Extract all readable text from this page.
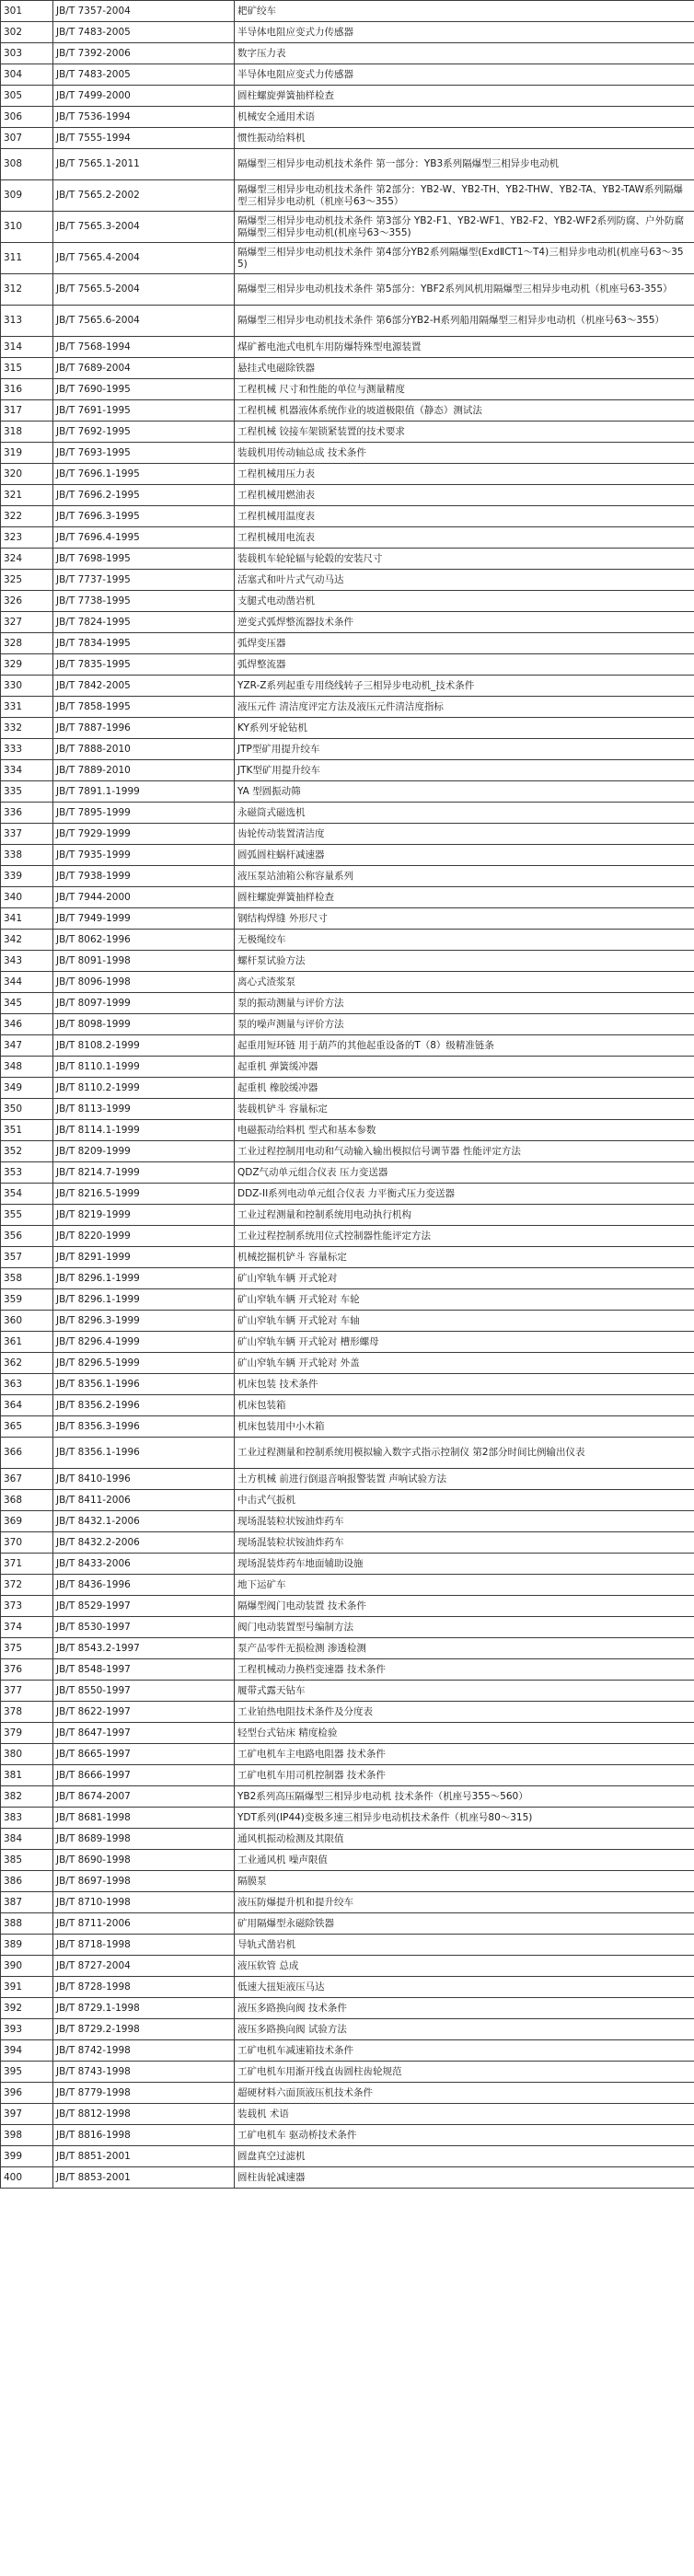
301	JB/T 7357-2004	耙矿绞车
302	JB/T 7483-2005	半导体电阻应变式力传感器
303	JB/T 7392-2006	数字压力表
304	JB/T 7483-2005	半导体电阻应变式力传感器
305	JB/T 7499-2000	圆柱螺旋弹簧抽样检查
306	JB/T 7536-1994	机械安全通用术语
307	JB/T 7555-1994	惯性振动给料机
308	JB/T 7565.1-2011	隔爆型三相异步电动机技术条件 第一部分：YB3系列隔爆型三相异步电动机
309	JB/T 7565.2-2002	隔爆型三相异步电动机技术条件 第2部分：YB2-W、YB2-TH、YB2-THW、YB2-TA、YB2-TAW系列隔爆型三相异步电动机（机座号63～355）
310	JB/T 7565.3-2004	隔爆型三相异步电动机技术条件 第3部分 YB2-F1、YB2-WF1、YB2-F2、YB2-WF2系列防腐、户外防腐隔爆型三相异步电动机(机座号63～355)
311	JB/T 7565.4-2004	隔爆型三相异步电动机技术条件 第4部分YB2系列隔爆型(ExdⅡCT1～T4)三相异步电动机(机座号63～355)
312	JB/T 7565.5-2004	隔爆型三相异步电动机技术条件 第5部分：YBF2系列风机用隔爆型三相异步电动机（机座号63-355）
313	JB/T 7565.6-2004	隔爆型三相异步电动机技术条件 第6部分YB2-H系列船用隔爆型三相异步电动机（机座号63～355）
314	JB/T 7568-1994	煤矿蓄电池式电机车用防爆特殊型电源装置
315	JB/T 7689-2004	悬挂式电磁除铁器
316	JB/T 7690-1995	工程机械 尺寸和性能的单位与测量精度
317	JB/T 7691-1995	工程机械 机器液体系统作业的坡道极限值（静态）测试法
318	JB/T 7692-1995	工程机械 铰接车架锁紧装置的技术要求
319	JB/T 7693-1995	装载机用传动轴总成 技术条件
320	JB/T 7696.1-1995	工程机械用压力表
321	JB/T 7696.2-1995	工程机械用燃油表
322	JB/T 7696.3-1995	工程机械用温度表
323	JB/T 7696.4-1995	工程机械用电流表
324	JB/T 7698-1995	装载机车轮轮辐与轮毂的安装尺寸
325	JB/T 7737-1995	活塞式和叶片式气动马达
326	JB/T 7738-1995	支腿式电动凿岩机
327	JB/T 7824-1995	逆变式弧焊整流器技术条件
328	JB/T 7834-1995	弧焊变压器
329	JB/T 7835-1995	弧焊整流器
330	JB/T 7842-2005	YZR-Z系列起重专用绕线转子三相异步电动机_技术条件
331	JB/T 7858-1995	液压元件 清洁度评定方法及液压元件清洁度指标
332	JB/T 7887-1996	KY系列牙轮钻机
333	JB/T 7888-2010	JTP型矿用提升绞车
334	JB/T 7889-2010	JTK型矿用提升绞车
335	JB/T 7891.1-1999	YA 型圆振动筛
336	JB/T 7895-1999	永磁筒式磁选机
337	JB/T 7929-1999	齿轮传动装置清洁度
338	JB/T 7935-1999	圆弧圆柱蜗杆减速器
339	JB/T 7938-1999	液压泵站油箱公称容量系列
340	JB/T 7944-2000	圆柱螺旋弹簧抽样检查
341	JB/T 7949-1999	钢结构焊缝 外形尺寸
342	JB/T 8062-1996	无极绳绞车
343	JB/T 8091-1998	螺杆泵试验方法
344	JB/T 8096-1998	离心式渣浆泵
345	JB/T 8097-1999	泵的振动测量与评价方法
346	JB/T 8098-1999	泵的噪声测量与评价方法
347	JB/T 8108.2-1999	起重用短环链 用于葫芦的其他起重设备的T（8）级精准链条
348	JB/T 8110.1-1999	起重机 弹簧缓冲器
349	JB/T 8110.2-1999	起重机 橡胶缓冲器
350	JB/T 8113-1999	装载机铲斗 容量标定
351	JB/T 8114.1-1999	电磁振动给料机 型式和基本参数
352	JB/T 8209-1999	工业过程控制用电动和气动输入输出模拟信号调节器 性能评定方法
353	JB/T 8214.7-1999	QDZ气动单元组合仪表 压力变送器
354	JB/T 8216.5-1999	DDZ-II系列电动单元组合仪表 力平衡式压力变送器
355	JB/T 8219-1999	工业过程测量和控制系统用电动执行机构
356	JB/T 8220-1999	工业过程控制系统用位式控制器性能评定方法
357	JB/T 8291-1999	机械挖掘机铲斗 容量标定
358	JB/T 8296.1-1999	矿山窄轨车辆 开式轮对
359	JB/T 8296.1-1999	矿山窄轨车辆 开式轮对 车轮
360	JB/T 8296.3-1999	矿山窄轨车辆 开式轮对 车轴
361	JB/T 8296.4-1999	矿山窄轨车辆 开式轮对 槽形螺母
362	JB/T 8296.5-1999	矿山窄轨车辆 开式轮对 外盖
363	JB/T 8356.1-1996	机床包装 技术条件
364	JB/T 8356.2-1996	机床包装箱
365	JB/T 8356.3-1996	机床包装用中小木箱
366	JB/T 8356.1-1996	工业过程测量和控制系统用模拟输入数字式指示控制仪 第2部分时间比例输出仪表
367	JB/T 8410-1996	土方机械 前进行倒退音响报警装置 声响试验方法
368	JB/T 8411-2006	中击式气扳机
369	JB/T 8432.1-2006	现场混装粒状铵油炸药车
370	JB/T 8432.2-2006	现场混装粒状铵油炸药车
371	JB/T 8433-2006	现场混装炸药车地面辅助设施
372	JB/T 8436-1996	地下运矿车
373	JB/T 8529-1997	隔爆型阀门电动装置 技术条件
374	JB/T 8530-1997	阀门电动装置型号编制方法
375	JB/T 8543.2-1997	泵产品零件无损检测 渗透检测
376	JB/T 8548-1997	工程机械动力换档变速器 技术条件
377	JB/T 8550-1997	履带式露天钻车
378	JB/T 8622-1997	工业铂热电阻技术条件及分度表
379	JB/T 8647-1997	轻型台式钻床 精度检验
380	JB/T 8665-1997	工矿电机车主电路电阻器 技术条件
381	JB/T 8666-1997	工矿电机车用司机控制器 技术条件
382	JB/T 8674-2007	YB2系列高压隔爆型三相异步电动机 技术条件（机座号355～560）
383	JB/T 8681-1998	YDT系列(IP44)变极多速三相异步电动机技术条件（机座号80～315)
384	JB/T 8689-1998	通风机振动检测及其限值
385	JB/T 8690-1998	工业通风机 噪声限值
386	JB/T 8697-1998	隔膜泵
387	JB/T 8710-1998	液压防爆提升机和提升绞车
388	JB/T 8711-2006	矿用隔爆型永磁除铁器
389	JB/T 8718-1998	导轨式凿岩机
390	JB/T 8727-2004	液压软管 总成
391	JB/T 8728-1998	低速大扭矩液压马达
392	JB/T 8729.1-1998	液压多路换向阀 技术条件
393	JB/T 8729.2-1998	液压多路换向阀 试验方法
394	JB/T 8742-1998	工矿电机车减速箱技术条件
395	JB/T 8743-1998	工矿电机车用渐开线直齿圆柱齿轮规范
396	JB/T 8779-1998	超硬材料六面顶液压机技术条件
397	JB/T 8812-1998	装载机 术语
398	JB/T 8816-1998	工矿电机车 驱动桥技术条件
399	JB/T 8851-2001	圆盘真空过滤机
400	JB/T 8853-2001	圆柱齿轮减速器
